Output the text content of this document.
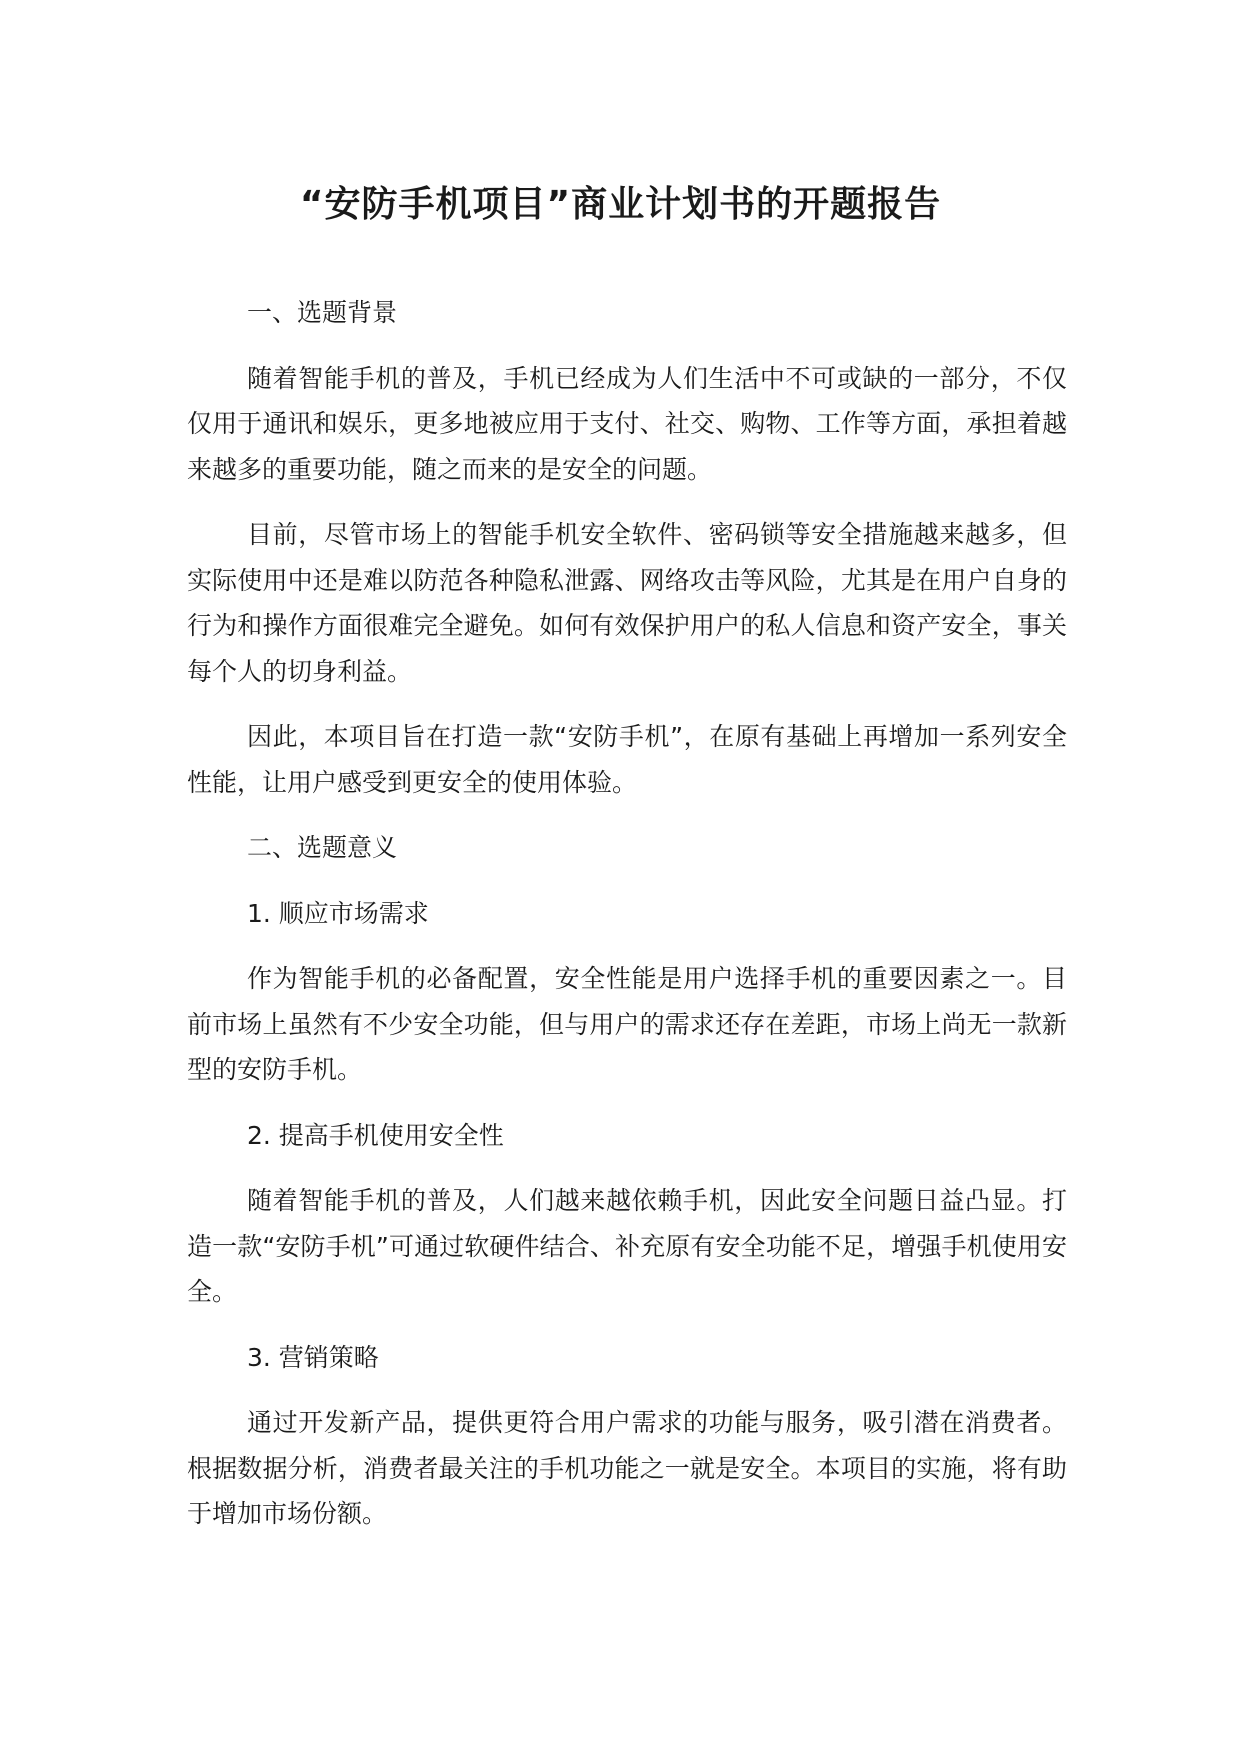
“安防手机项目”商业计划书的开题报告

一、选题背景

随着智能手机的普及，手机已经成为人们生活中不可或缺的一部分，不仅仅用于通讯和娱乐，更多地被应用于支付、社交、购物、工作等方面，承担着越来越多的重要功能，随之而来的是安全的问题。

目前，尽管市场上的智能手机安全软件、密码锁等安全措施越来越多，但实际使用中还是难以防范各种隐私泄露、网络攻击等风险，尤其是在用户自身的行为和操作方面很难完全避免。如何有效保护用户的私人信息和资产安全，事关每个人的切身利益。

因此，本项目旨在打造一款“安防手机”，在原有基础上再增加一系列安全性能，让用户感受到更安全的使用体验。

二、选题意义

1. 顺应市场需求

作为智能手机的必备配置，安全性能是用户选择手机的重要因素之一。目前市场上虽然有不少安全功能，但与用户的需求还存在差距，市场上尚无一款新型的安防手机。

2. 提高手机使用安全性

随着智能手机的普及，人们越来越依赖手机，因此安全问题日益凸显。打造一款“安防手机”可通过软硬件结合、补充原有安全功能不足，增强手机使用安全。

3. 营销策略

通过开发新产品，提供更符合用户需求的功能与服务，吸引潜在消费者。根据数据分析，消费者最关注的手机功能之一就是安全。本项目的实施，将有助于增加市场份额。
